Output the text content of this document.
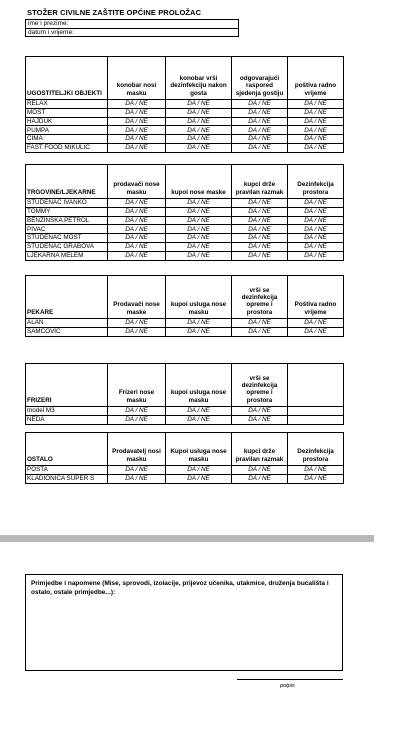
STOŽER CIVILNE ZAŠTITE OPĆINE PROLOŽAC
ime i prezime:
datum i vrijeme:
UGOSTITELJKI OBJEKTI	konobar nosi masku	konobar vrši dezinfekciju nakon gosta	odgovarajući raspored sjedenja gostiju	poštiva radno vrijeme
RELAX	DA / NE	DA / NE	DA / NE	DA / NE
MOST	DA / NE	DA / NE	DA / NE	DA / NE
HAJDUK	DA / NE	DA / NE	DA / NE	DA / NE
PUMPA	DA / NE	DA / NE	DA / NE	DA / NE
CIMA	DA / NE	DA / NE	DA / NE	DA / NE
FAST FOOD MIKULIĆ	DA / NE	DA / NE	DA / NE	DA / NE
TRGOVINE/LJEKARNE	prodavači nose masku	kupoi nose maske	kupci drže pravilan razmak	Dezinfekcija prostora
STUDENAC IVANKO	DA / NE	DA / NE	DA / NE	DA / NE
TOMMY	DA / NE	DA / NE	DA / NE	DA / NE
BENZINSKA PETROL	DA / NE	DA / NE	DA / NE	DA / NE
PIVAC	DA / NE	DA / NE	DA / NE	DA / NE
STUDENAC MOST	DA / NE	DA / NE	DA / NE	DA / NE
STUDENAC GRABOVA	DA / NE	DA / NE	DA / NE	DA / NE
LJEKARNA MELEM	DA / NE	DA / NE	DA / NE	DA / NE
PEKARE	Prodavači nose maske	kupoi usluga nose masku	vrši se dezinfekcija opreme i prostora	Poštiva radno vrijeme
ALAN	DA / NE	DA / NE	DA / NE	DA / NE
SAMČOVIĆ	DA / NE	DA / NE	DA / NE	DA / NE
FRIZERI	Frizeri nose masku	kupoi usluga nose masku	vrši se dezinfekcija opreme i prostora	
model M3	DA / NE	DA / NE	DA / NE	
NEDA	DA / NE	DA / NE	DA / NE	
OSTALO	Prodavatelj nosi masku	Kupoi usluga nose masku	kupci drže pravilan razmak	Dezinfekcija prostora
POŠTA	DA / NE	DA / NE	DA / NE	DA / NE
KLADIONICA SUPER S	DA / NE	DA / NE	DA / NE	DA / NE
Primjedbe i napomene (Mise, sprovodi, izolacije, prijevoz učenika, utakmice, druženja bućališta i ostalo, ostale primjedbe...):
potpis
